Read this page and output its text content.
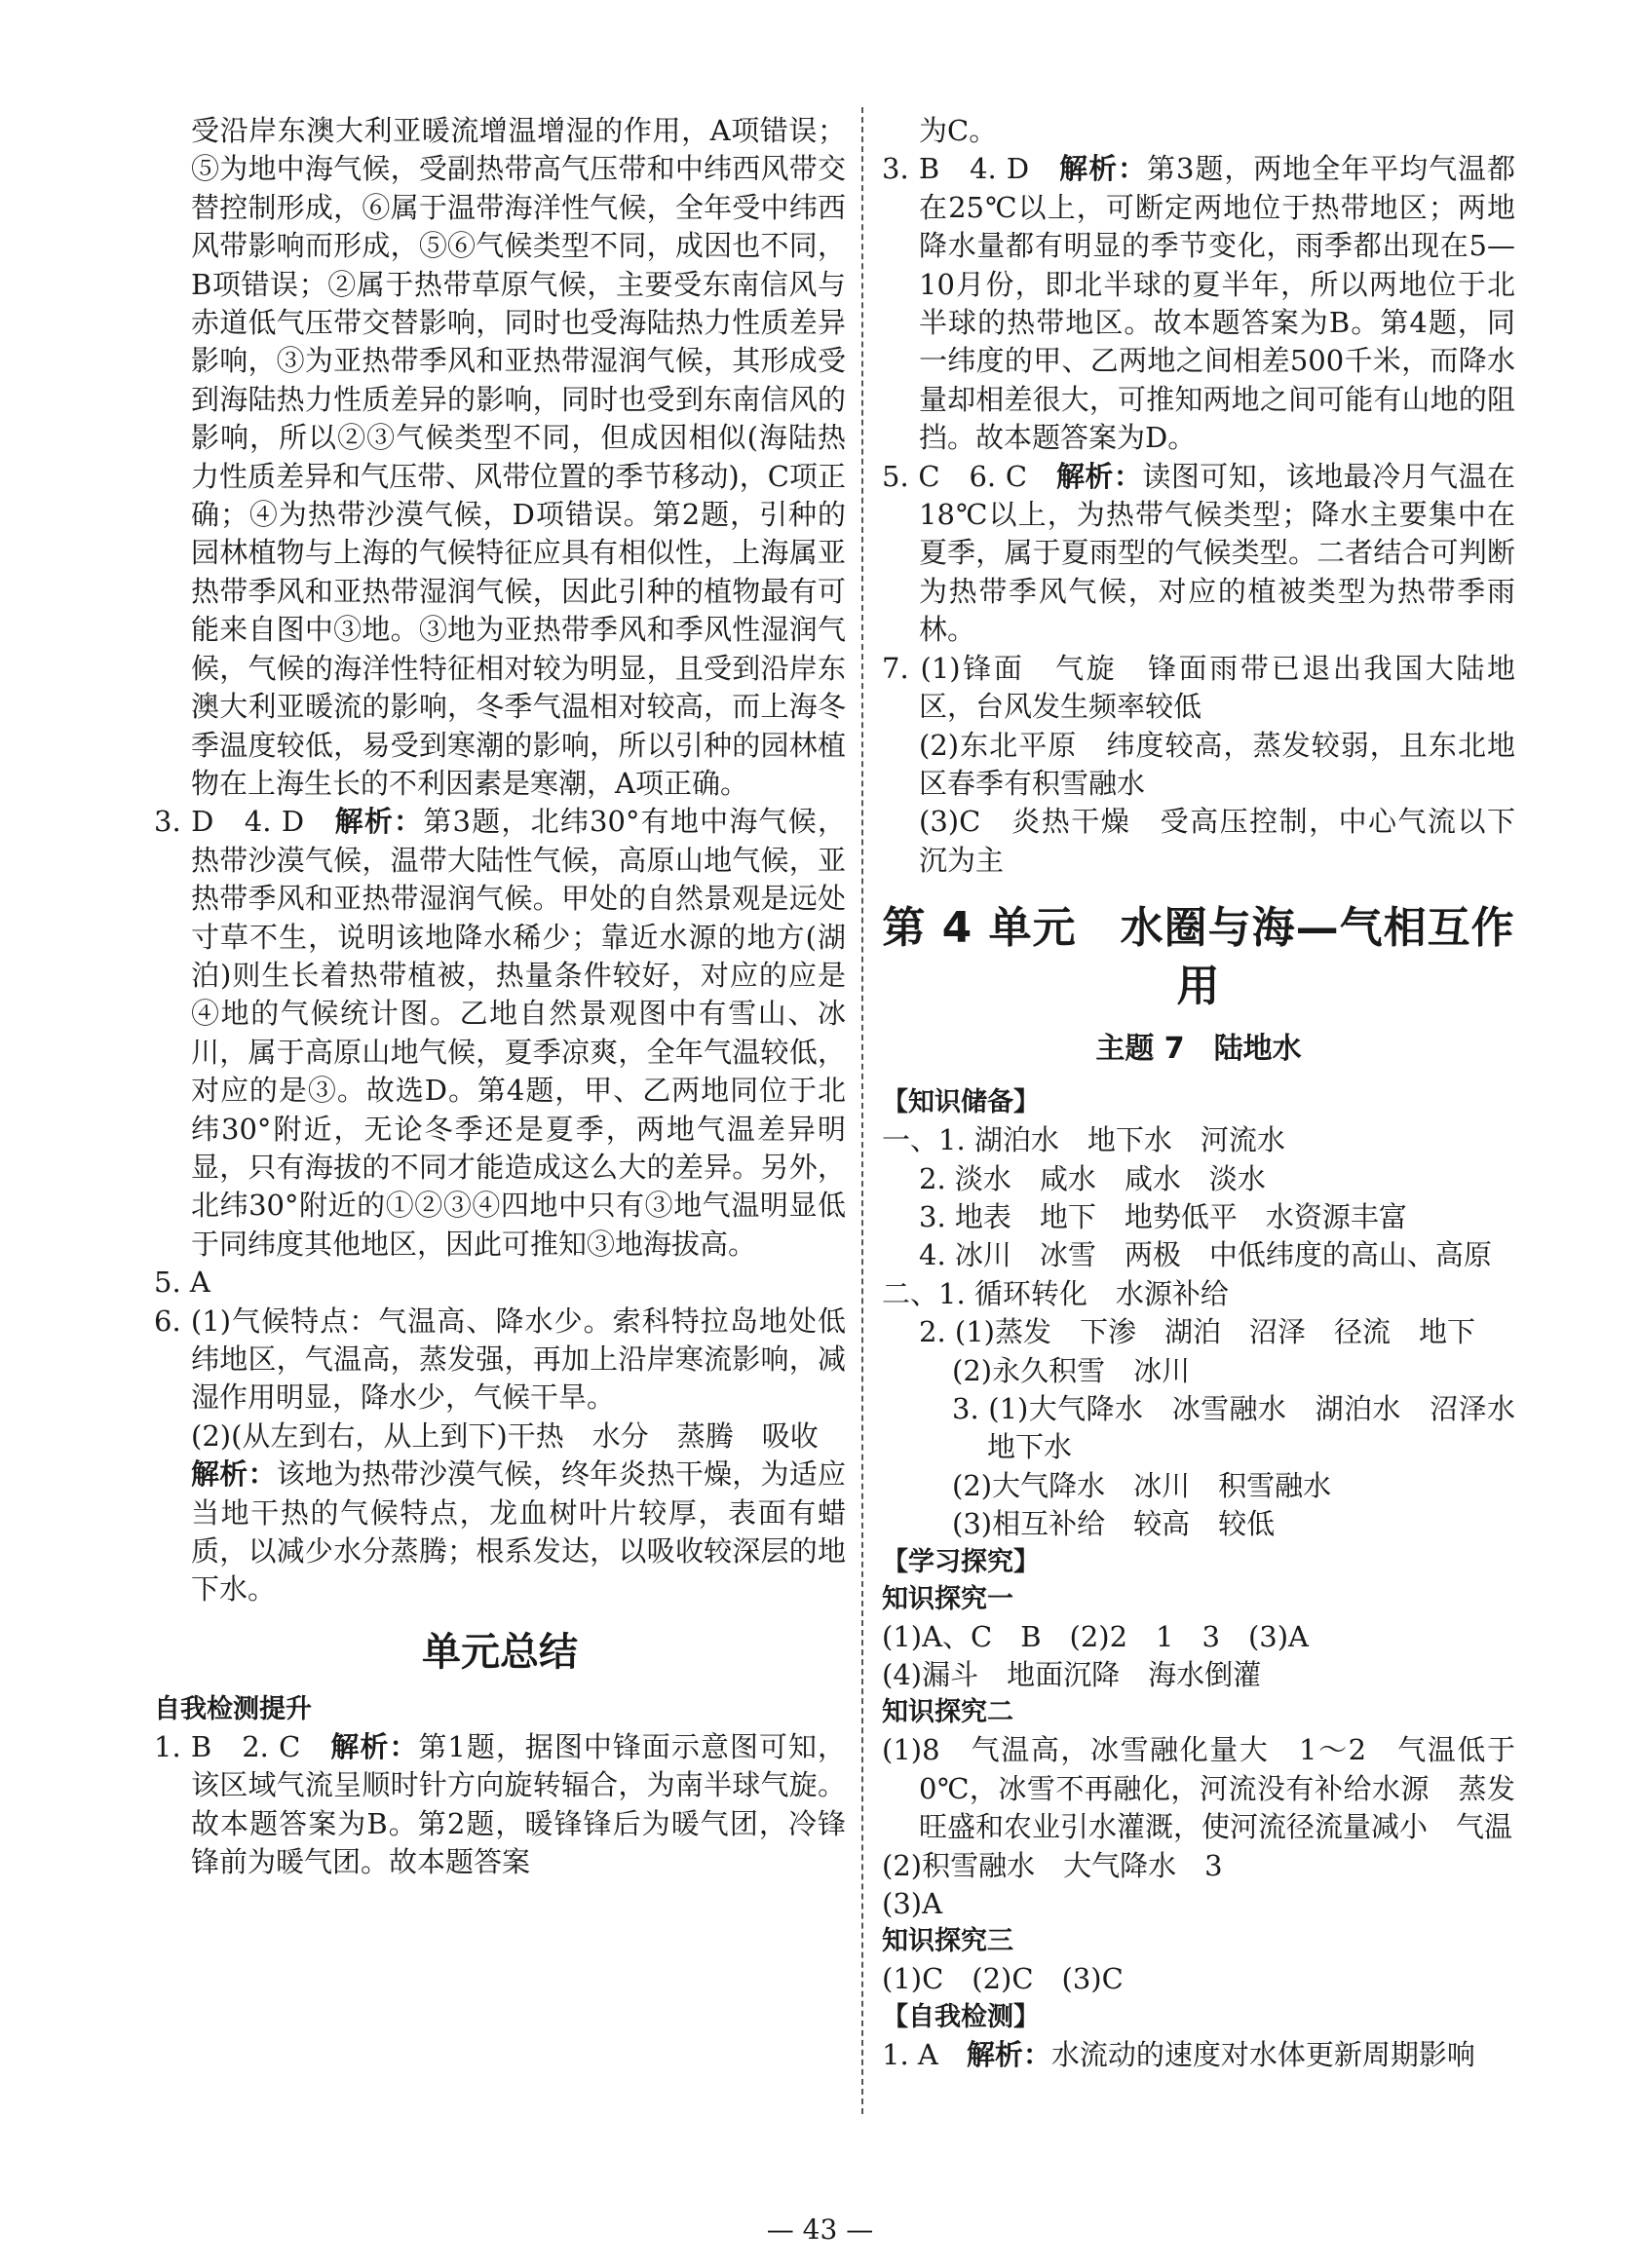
受沿岸东澳大利亚暖流增温增湿的作用，A项错误；⑤为地中海气候，受副热带高气压带和中纬西风带交替控制形成，⑥属于温带海洋性气候，全年受中纬西风带影响而形成，⑤⑥气候类型不同，成因也不同，B项错误；②属于热带草原气候，主要受东南信风与赤道低气压带交替影响，同时也受海陆热力性质差异影响，③为亚热带季风和亚热带湿润气候，其形成受到海陆热力性质差异的影响，同时也受到东南信风的影响，所以②③气候类型不同，但成因相似(海陆热力性质差异和气压带、风带位置的季节移动)，C项正确；④为热带沙漠气候，D项错误。第2题，引种的园林植物与上海的气候特征应具有相似性，上海属亚热带季风和亚热带湿润气候，因此引种的植物最有可能来自图中③地。③地为亚热带季风和季风性湿润气候，气候的海洋性特征相对较为明显，且受到沿岸东澳大利亚暖流的影响，冬季气温相对较高，而上海冬季温度较低，易受到寒潮的影响，所以引种的园林植物在上海生长的不利因素是寒潮，A项正确。

3. D　4. D　解析：第3题，北纬30°有地中海气候，热带沙漠气候，温带大陆性气候，高原山地气候，亚热带季风和亚热带湿润气候。甲处的自然景观是远处寸草不生，说明该地降水稀少；靠近水源的地方(湖泊)则生长着热带植被，热量条件较好，对应的应是④地的气候统计图。乙地自然景观图中有雪山、冰川，属于高原山地气候，夏季凉爽，全年气温较低，对应的是③。故选D。第4题，甲、乙两地同位于北纬30°附近，无论冬季还是夏季，两地气温差异明显，只有海拔的不同才能造成这么大的差异。另外，北纬30°附近的①②③④四地中只有③地气温明显低于同纬度其他地区，因此可推知③地海拔高。

5. A

6. (1)气候特点：气温高、降水少。索科特拉岛地处低纬地区，气温高，蒸发强，再加上沿岸寒流影响，减湿作用明显，降水少，气候干旱。

(2)(从左到右，从上到下)干热　水分　蒸腾　吸收

解析：该地为热带沙漠气候，终年炎热干燥，为适应当地干热的气候特点，龙血树叶片较厚，表面有蜡质，以减少水分蒸腾；根系发达，以吸收较深层的地下水。

单元总结

自我检测提升

1. B　2. C　解析：第1题，据图中锋面示意图可知，该区域气流呈顺时针方向旋转辐合，为南半球气旋。故本题答案为B。第2题，暖锋锋后为暖气团，冷锋锋前为暖气团。故本题答案

为C。

3. B　4. D　解析：第3题，两地全年平均气温都在25℃以上，可断定两地位于热带地区；两地降水量都有明显的季节变化，雨季都出现在5—10月份，即北半球的夏半年，所以两地位于北半球的热带地区。故本题答案为B。第4题，同一纬度的甲、乙两地之间相差500千米，而降水量却相差很大，可推知两地之间可能有山地的阻挡。故本题答案为D。

5. C　6. C　解析：读图可知，该地最冷月气温在18℃以上，为热带气候类型；降水主要集中在夏季，属于夏雨型的气候类型。二者结合可判断为热带季风气候，对应的植被类型为热带季雨林。

7. (1)锋面　气旋　锋面雨带已退出我国大陆地区，台风发生频率较低

(2)东北平原　纬度较高，蒸发较弱，且东北地区春季有积雪融水

(3)C　炎热干燥　受高压控制，中心气流以下沉为主

第 4 单元　水圈与海—气相互作用
主题 7　陆地水

【知识储备】

一、1. 湖泊水　地下水　河流水

2. 淡水　咸水　咸水　淡水

3. 地表　地下　地势低平　水资源丰富

4. 冰川　冰雪　两极　中低纬度的高山、高原

二、1. 循环转化　水源补给

2. (1)蒸发　下渗　湖泊　沼泽　径流　地下

(2)永久积雪　冰川

3. (1)大气降水　冰雪融水　湖泊水　沼泽水　地下水

(2)大气降水　冰川　积雪融水

(3)相互补给　较高　较低

【学习探究】

知识探究一

(1)A、C　B　(2)2　1　3　(3)A

(4)漏斗　地面沉降　海水倒灌

知识探究二

(1)8　气温高，冰雪融化量大　1～2　气温低于0℃，冰雪不再融化，河流没有补给水源　蒸发旺盛和农业引水灌溉，使河流径流量减小　气温

(2)积雪融水　大气降水　3

(3)A

知识探究三

(1)C　(2)C　(3)C

【自我检测】

1. A　解析：水流动的速度对水体更新周期影响

— 43 —
